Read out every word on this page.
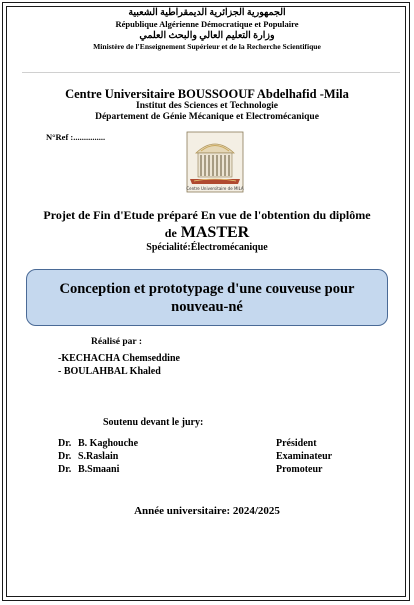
الجمهورية الجزائرية الديمقراطية الشعبية
République Algérienne Démocratique et Populaire
وزارة التعليم العالي والبحث العلمي
Ministère de l'Enseignement Supérieur et de la Recherche Scientifique
Centre Universitaire BOUSSOOUF Abdelhafid -Mila
Institut des Sciences et Technologie
Département de Génie Mécanique et Electromécanique
N°Ref :...............
Centre Universitaire de MILA
Projet de Fin d'Etude préparé En vue de l'obtention du diplôme
de MASTER
Spécialité:Électromécanique
Conception et prototypage d'une couveuse pour nouveau-né
Réalisé par :
-KECHACHA Chemseddine
- BOULAHBAL Khaled
Soutenu devant le jury:
Dr. B. Kaghouche	Président
Dr. S.Raslain	Examinateur
Dr. B.Smaani	Promoteur
Année universitaire: 2024/2025
